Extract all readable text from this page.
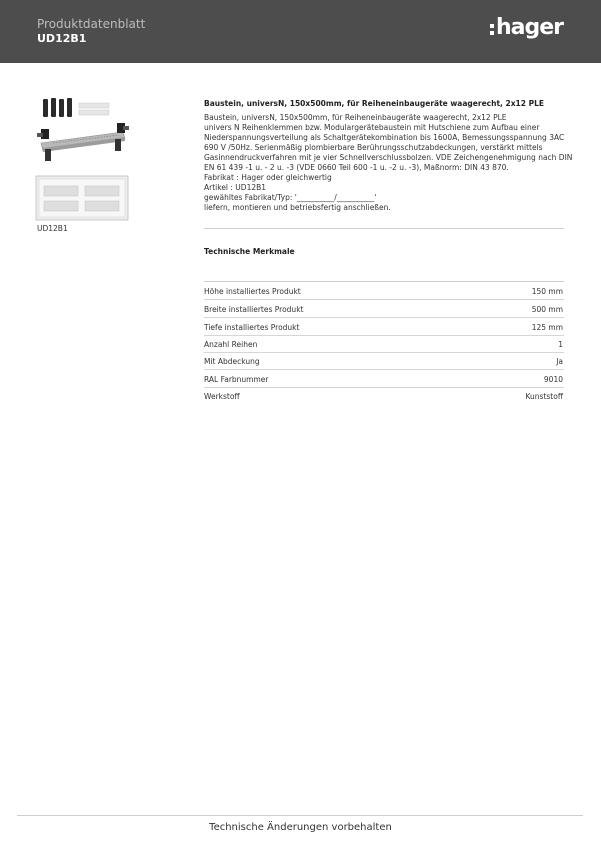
Produktdatenblatt
UD12B1	hager
UD12B1
Baustein, universN, 150x500mm, für Reiheneinbaugeräte waagerecht, 2x12 PLE
Baustein, universN, 150x500mm, für Reiheneinbaugeräte waagerecht, 2x12 PLE
univers N Reihenklemmen bzw. Modulargerätebaustein mit Hutschiene zum Aufbau einer
Niederspannungsverteilung als Schaltgerätekombination bis 1600A, Bemessungsspannung 3AC
690 V /50Hz. Serienmäßig plombierbare Berührungsschutzabdeckungen, verstärkt mittels
Gasinnendruckverfahren mit je vier Schnellverschlussbolzen. VDE Zeichengenehmigung nach DIN
EN 61 439 -1 u. - 2 u. -3 (VDE 0660 Teil 600 -1 u. -2 u. -3), Maßnorm: DIN 43 870.
Fabrikat : Hager oder gleichwertig
Artikel : UD12B1
gewähltes Fabrikat/Typ: '__________/__________'
liefern, montieren und betriebsfertig anschließen.
Technische Merkmale
Höhe installiertes Produkt	150 mm
Breite installiertes Produkt	500 mm
Tiefe installiertes Produkt	125 mm
Anzahl Reihen	1
Mit Abdeckung	Ja
RAL Farbnummer	9010
Werkstoff	Kunststoff
Technische Änderungen vorbehalten
